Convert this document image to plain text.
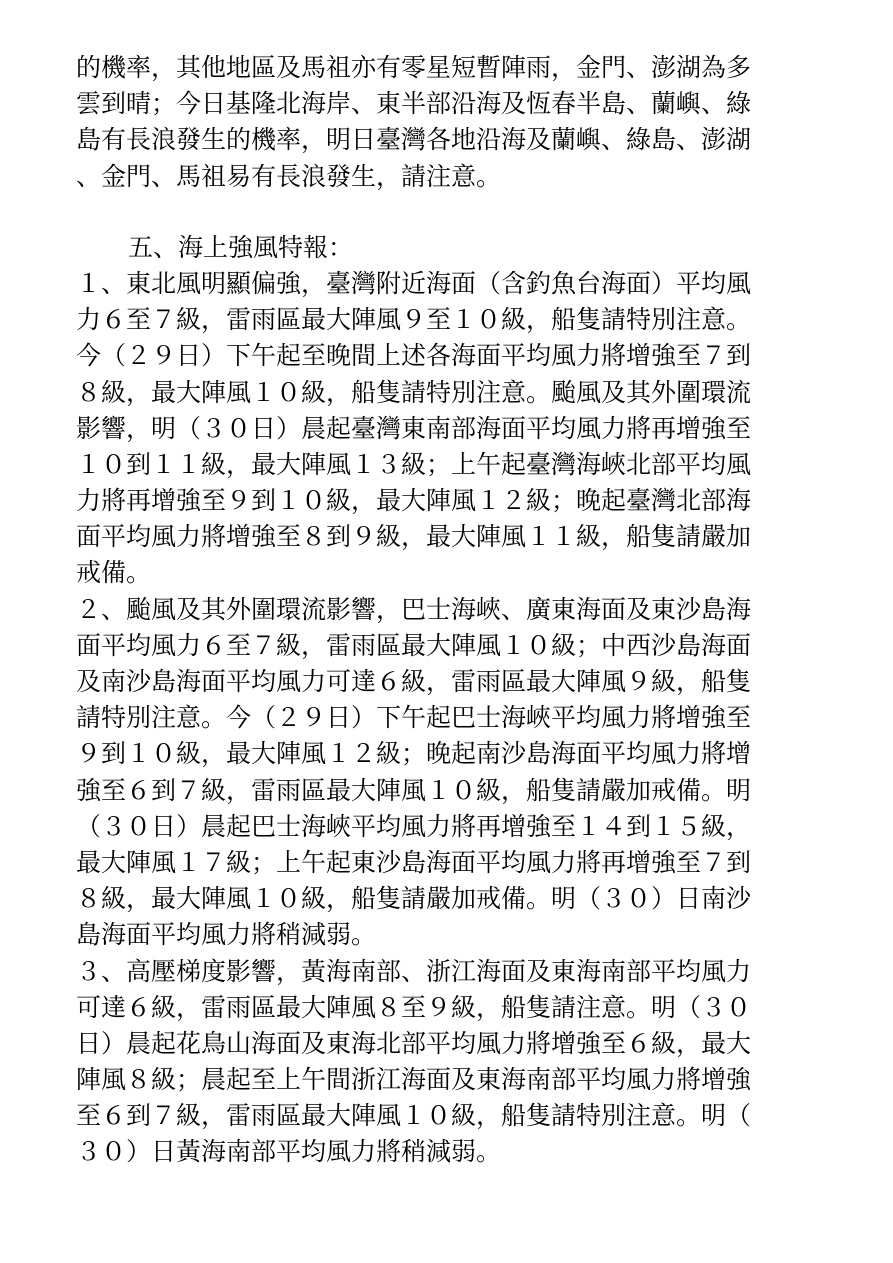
的機率，其他地區及馬祖亦有零星短暫陣雨，金門、澎湖為多
雲到晴；今日基隆北海岸、東半部沿海及恆春半島、蘭嶼、綠
島有長浪發生的機率，明日臺灣各地沿海及蘭嶼、綠島、澎湖
、金門、馬祖易有長浪發生，請注意。
五、海上強風特報：
１、東北風明顯偏強，臺灣附近海面（含釣魚台海面）平均風
力６至７級，雷雨區最大陣風９至１０級，船隻請特別注意。
今（２９日）下午起至晚間上述各海面平均風力將增強至７到
８級，最大陣風１０級，船隻請特別注意。颱風及其外圍環流
影響，明（３０日）晨起臺灣東南部海面平均風力將再增強至
１０到１１級，最大陣風１３級；上午起臺灣海峽北部平均風
力將再增強至９到１０級，最大陣風１２級；晚起臺灣北部海
面平均風力將增強至８到９級，最大陣風１１級，船隻請嚴加
戒備。
２、颱風及其外圍環流影響，巴士海峽、廣東海面及東沙島海
面平均風力６至７級，雷雨區最大陣風１０級；中西沙島海面
及南沙島海面平均風力可達６級，雷雨區最大陣風９級，船隻
請特別注意。今（２９日）下午起巴士海峽平均風力將增強至
９到１０級，最大陣風１２級；晚起南沙島海面平均風力將增
強至６到７級，雷雨區最大陣風１０級，船隻請嚴加戒備。明
（３０日）晨起巴士海峽平均風力將再增強至１４到１５級，
最大陣風１７級；上午起東沙島海面平均風力將再增強至７到
８級，最大陣風１０級，船隻請嚴加戒備。明（３０）日南沙
島海面平均風力將稍減弱。
３、高壓梯度影響，黃海南部、浙江海面及東海南部平均風力
可達６級，雷雨區最大陣風８至９級，船隻請注意。明（３０
日）晨起花鳥山海面及東海北部平均風力將增強至６級，最大
陣風８級；晨起至上午間浙江海面及東海南部平均風力將增強
至６到７級，雷雨區最大陣風１０級，船隻請特別注意。明（
３０）日黃海南部平均風力將稍減弱。
